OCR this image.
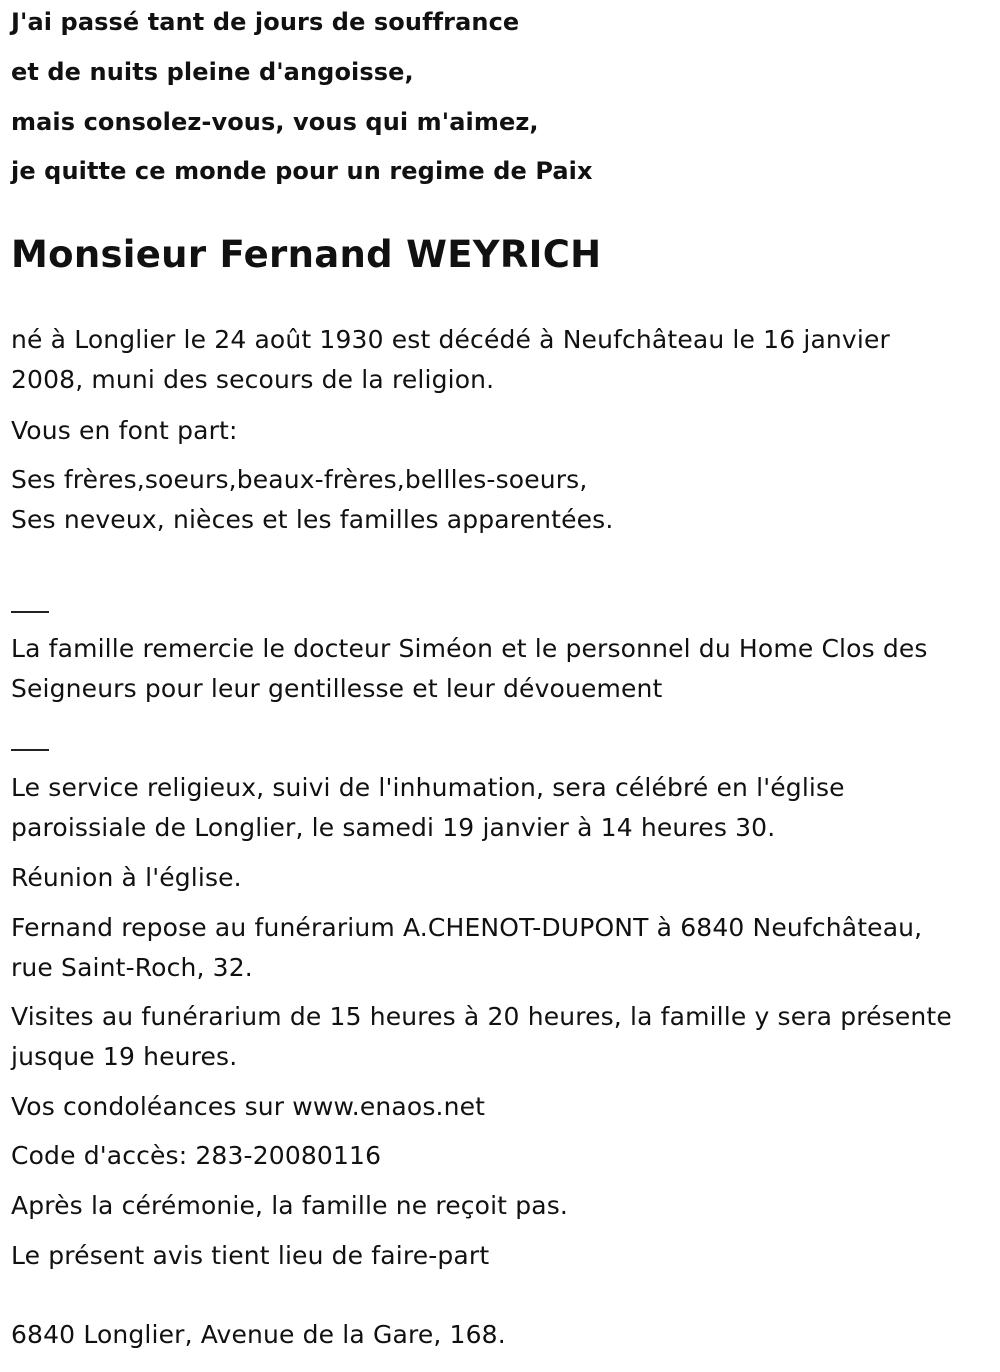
J'ai passé tant de jours de souffrance
et de nuits pleine d'angoisse,
mais consolez-vous, vous qui m'aimez,
je quitte ce monde pour un regime de Paix
Monsieur Fernand WEYRICH
né à Longlier le 24 août 1930 est décédé à Neufchâteau le 16 janvier
2008, muni des secours de la religion.
Vous en font part:
Ses frères,soeurs,beaux-frères,bellles-soeurs,
Ses neveux, nièces et les familles apparentées.
La famille remercie le docteur Siméon et le personnel du Home Clos des
Seigneurs pour leur gentillesse et leur dévouement
Le service religieux, suivi de l'inhumation, sera célébré en l'église
paroissiale de Longlier, le samedi 19 janvier à 14 heures 30.
Réunion à l'église.
Fernand repose au funérarium A.CHENOT-DUPONT à 6840 Neufchâteau,
rue Saint-Roch, 32.
Visites au funérarium de 15 heures à 20 heures, la famille y sera présente
jusque 19 heures.
Vos condoléances sur www.enaos.net
Code d'accès: 283-20080116
Après la cérémonie, la famille ne reçoit pas.
Le présent avis tient lieu de faire-part
6840 Longlier, Avenue de la Gare, 168.
